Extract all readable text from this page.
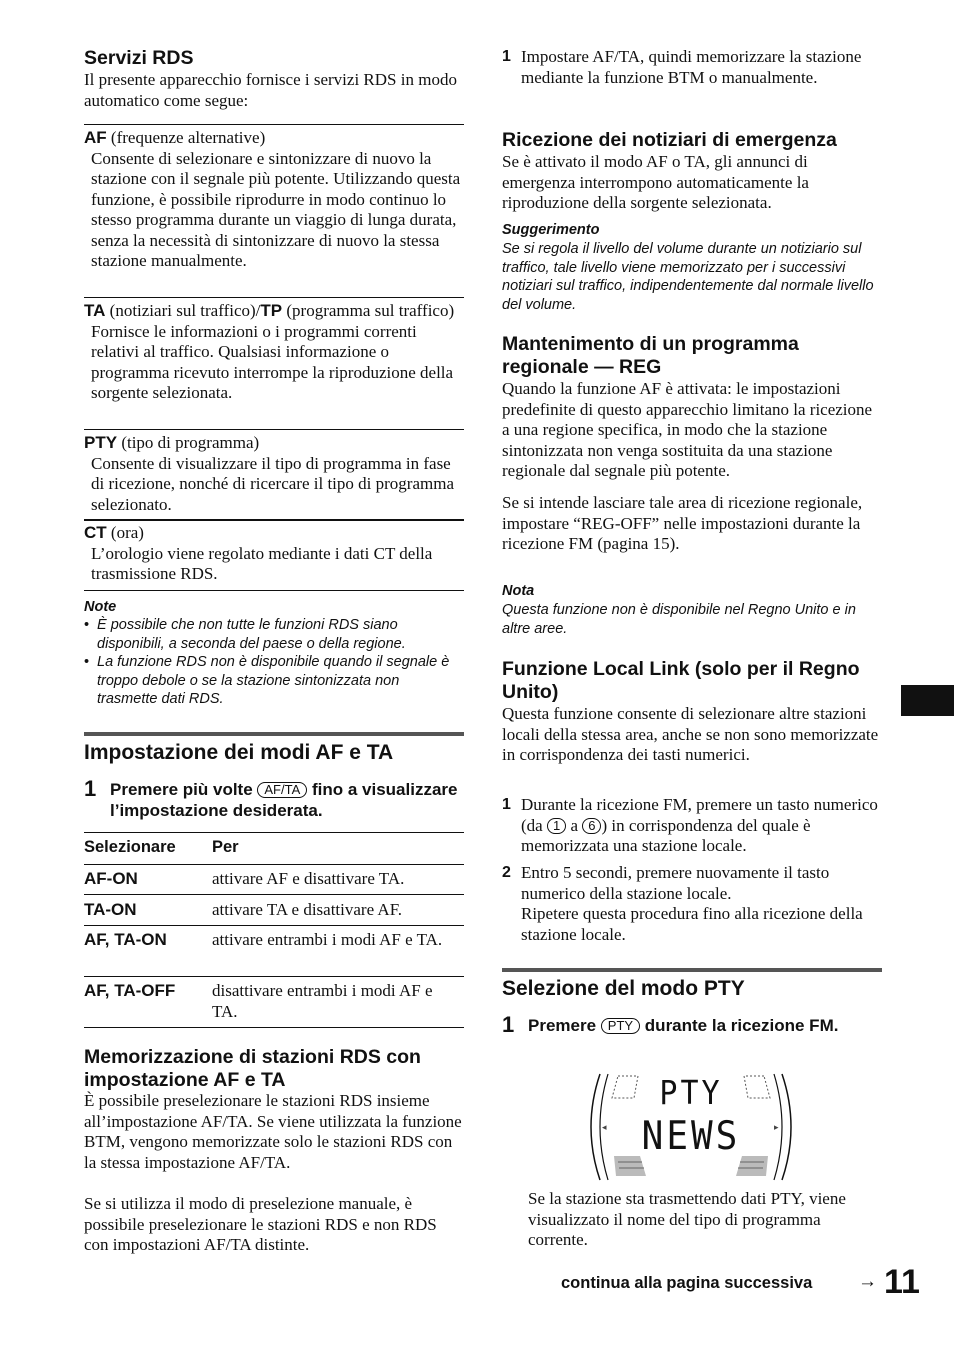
Servizi RDS
Il presente apparecchio fornisce i servizi RDS in modo automatico come segue:
AF (frequenze alternative)
Consente di selezionare e sintonizzare di nuovo la stazione con il segnale più potente. Utilizzando questa funzione, è possibile riprodurre in modo continuo lo stesso programma durante un viaggio di lunga durata, senza la necessità di sintonizzare di nuovo la stessa stazione manualmente.
TA (notiziari sul traffico)/TP (programma sul traffico)
Fornisce le informazioni o i programmi correnti relativi al traffico. Qualsiasi informazione o programma ricevuto interrompe la riproduzione della sorgente selezionata.
PTY (tipo di programma)
Consente di visualizzare il tipo di programma in fase di ricezione, nonché di ricercare il tipo di programma selezionato.
CT (ora)
L’orologio viene regolato mediante i dati CT della trasmissione RDS.
Note
• È possibile che non tutte le funzioni RDS siano disponibili, a seconda del paese o della regione.
• La funzione RDS non è disponibile quando il segnale è troppo debole o se la stazione sintonizzata non trasmette dati RDS.
Impostazione dei modi AF e TA
1 Premere più volte AF/TA fino a visualizzare l’impostazione desiderata.
Selezionare Per
AF-ON	attivare AF e disattivare TA.
TA-ON	attivare TA e disattivare AF.
AF, TA-ON	attivare entrambi i modi AF e TA.
AF, TA-OFF disattivare entrambi i modi AF e TA.
Memorizzazione di stazioni RDS con impostazione AF e TA
È possibile preselezionare le stazioni RDS insieme all’impostazione AF/TA. Se viene utilizzata la funzione BTM, vengono memorizzate solo le stazioni RDS con la stessa impostazione AF/TA.
Se si utilizza il modo di preselezione manuale, è possibile preselezionare le stazioni RDS e non RDS con impostazioni AF/TA distinte.
1 Impostare AF/TA, quindi memorizzare la stazione mediante la funzione BTM o manualmente.
Ricezione dei notiziari di emergenza
Se è attivato il modo AF o TA, gli annunci di emergenza interrompono automaticamente la riproduzione della sorgente selezionata.
Suggerimento
Se si regola il livello del volume durante un notiziario sul traffico, tale livello viene memorizzato per i successivi notiziari sul traffico, indipendentemente dal normale livello del volume.
Mantenimento di un programma regionale — REG
Quando la funzione AF è attivata: le impostazioni predefinite di questo apparecchio limitano la ricezione a una regione specifica, in modo che la stazione sintonizzata non venga sostituita da una stazione regionale dal segnale più potente.
Se si intende lasciare tale area di ricezione regionale, impostare “REG-OFF” nelle impostazioni durante la ricezione FM (pagina 15).
Nota
Questa funzione non è disponibile nel Regno Unito e in altre aree.
Funzione Local Link (solo per il Regno Unito)
Questa funzione consente di selezionare altre stazioni locali della stessa area, anche se non sono memorizzate in corrispondenza dei tasti numerici.
1 Durante la ricezione FM, premere un tasto numerico (da 1 a 6 ) in corrispondenza del quale è memorizzata una stazione locale.
2 Entro 5 secondi, premere nuovamente il tasto numerico della stazione locale.
Ripetere questa procedura fino alla ricezione della stazione locale.
Selezione del modo PTY
1 Premere PTY durante la ricezione FM.
◂	▸
PTY
NEWS
Se la stazione sta trasmettendo dati PTY, viene visualizzato il nome del tipo di programma corrente.
continua alla pagina successiva → 11
